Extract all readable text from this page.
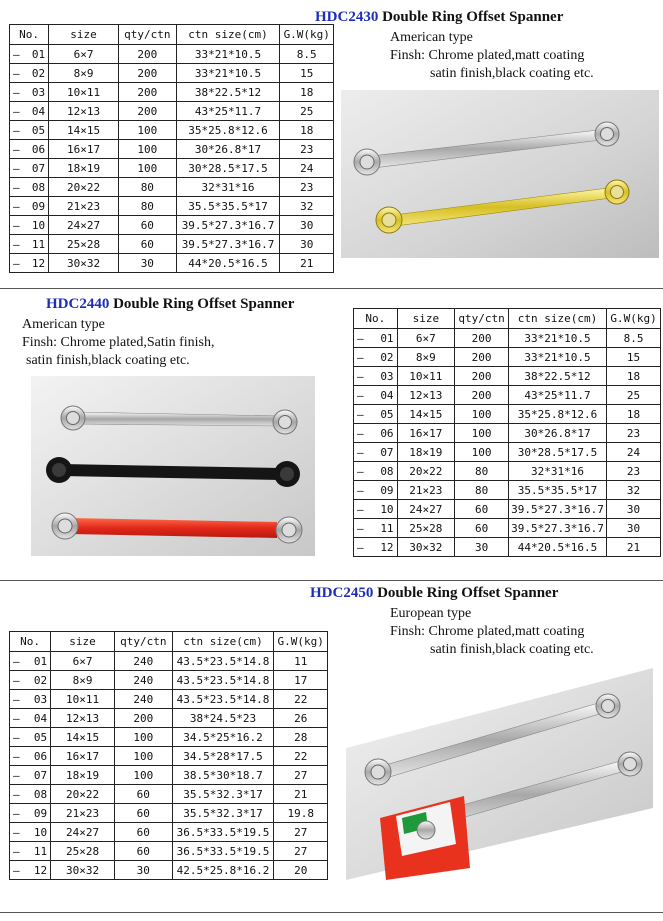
No.	size	qty/ctn	ctn size(cm)	G.W(kg)

— 01	6×7	200	33*21*10.5	8.5

— 02	8×9	200	33*21*10.5	15

— 03	10×11	200	38*22.5*12	18

— 04	12×13	200	43*25*11.7	25

— 05	14×15	100	35*25.8*12.6	18

— 06	16×17	100	30*26.8*17	23

— 07	18×19	100	30*28.5*17.5	24

— 08	20×22	80	32*31*16	23

— 09	21×23	80	35.5*35.5*17	32

— 10	24×27	60	39.5*27.3*16.7	30

— 11	25×28	60	39.5*27.3*16.7	30

— 12	30×32	30	44*20.5*16.5	21
HDC2430 Double Ring Offset Spanner
American type
Finsh: Chrome plated,matt coating
satin finish,black coating etc.
HDC2440 Double Ring Offset Spanner
American type
Finsh: Chrome plated,Satin finish,
satin finish,black coating etc.
No.	size	qty/ctn	ctn size(cm)	G.W(kg)

— 01	6×7	200	33*21*10.5	8.5

— 02	8×9	200	33*21*10.5	15

— 03	10×11	200	38*22.5*12	18

— 04	12×13	200	43*25*11.7	25

— 05	14×15	100	35*25.8*12.6	18

— 06	16×17	100	30*26.8*17	23

— 07	18×19	100	30*28.5*17.5	24

— 08	20×22	80	32*31*16	23

— 09	21×23	80	35.5*35.5*17	32

— 10	24×27	60	39.5*27.3*16.7	30

— 11	25×28	60	39.5*27.3*16.7	30

— 12	30×32	30	44*20.5*16.5	21
HDC2450 Double Ring Offset Spanner
European type
Finsh: Chrome plated,matt coating
satin finish,black coating etc.
No.	size	qty/ctn	ctn size(cm)	G.W(kg)

— 01	6×7	240	43.5*23.5*14.8	11

— 02	8×9	240	43.5*23.5*14.8	17

— 03	10×11	240	43.5*23.5*14.8	22

— 04	12×13	200	38*24.5*23	26

— 05	14×15	100	34.5*25*16.2	28

— 06	16×17	100	34.5*28*17.5	22

— 07	18×19	100	38.5*30*18.7	27

— 08	20×22	60	35.5*32.3*17	21

— 09	21×23	60	35.5*32.3*17	19.8

— 10	24×27	60	36.5*33.5*19.5	27

— 11	25×28	60	36.5*33.5*19.5	27

— 12	30×32	30	42.5*25.8*16.2	20
